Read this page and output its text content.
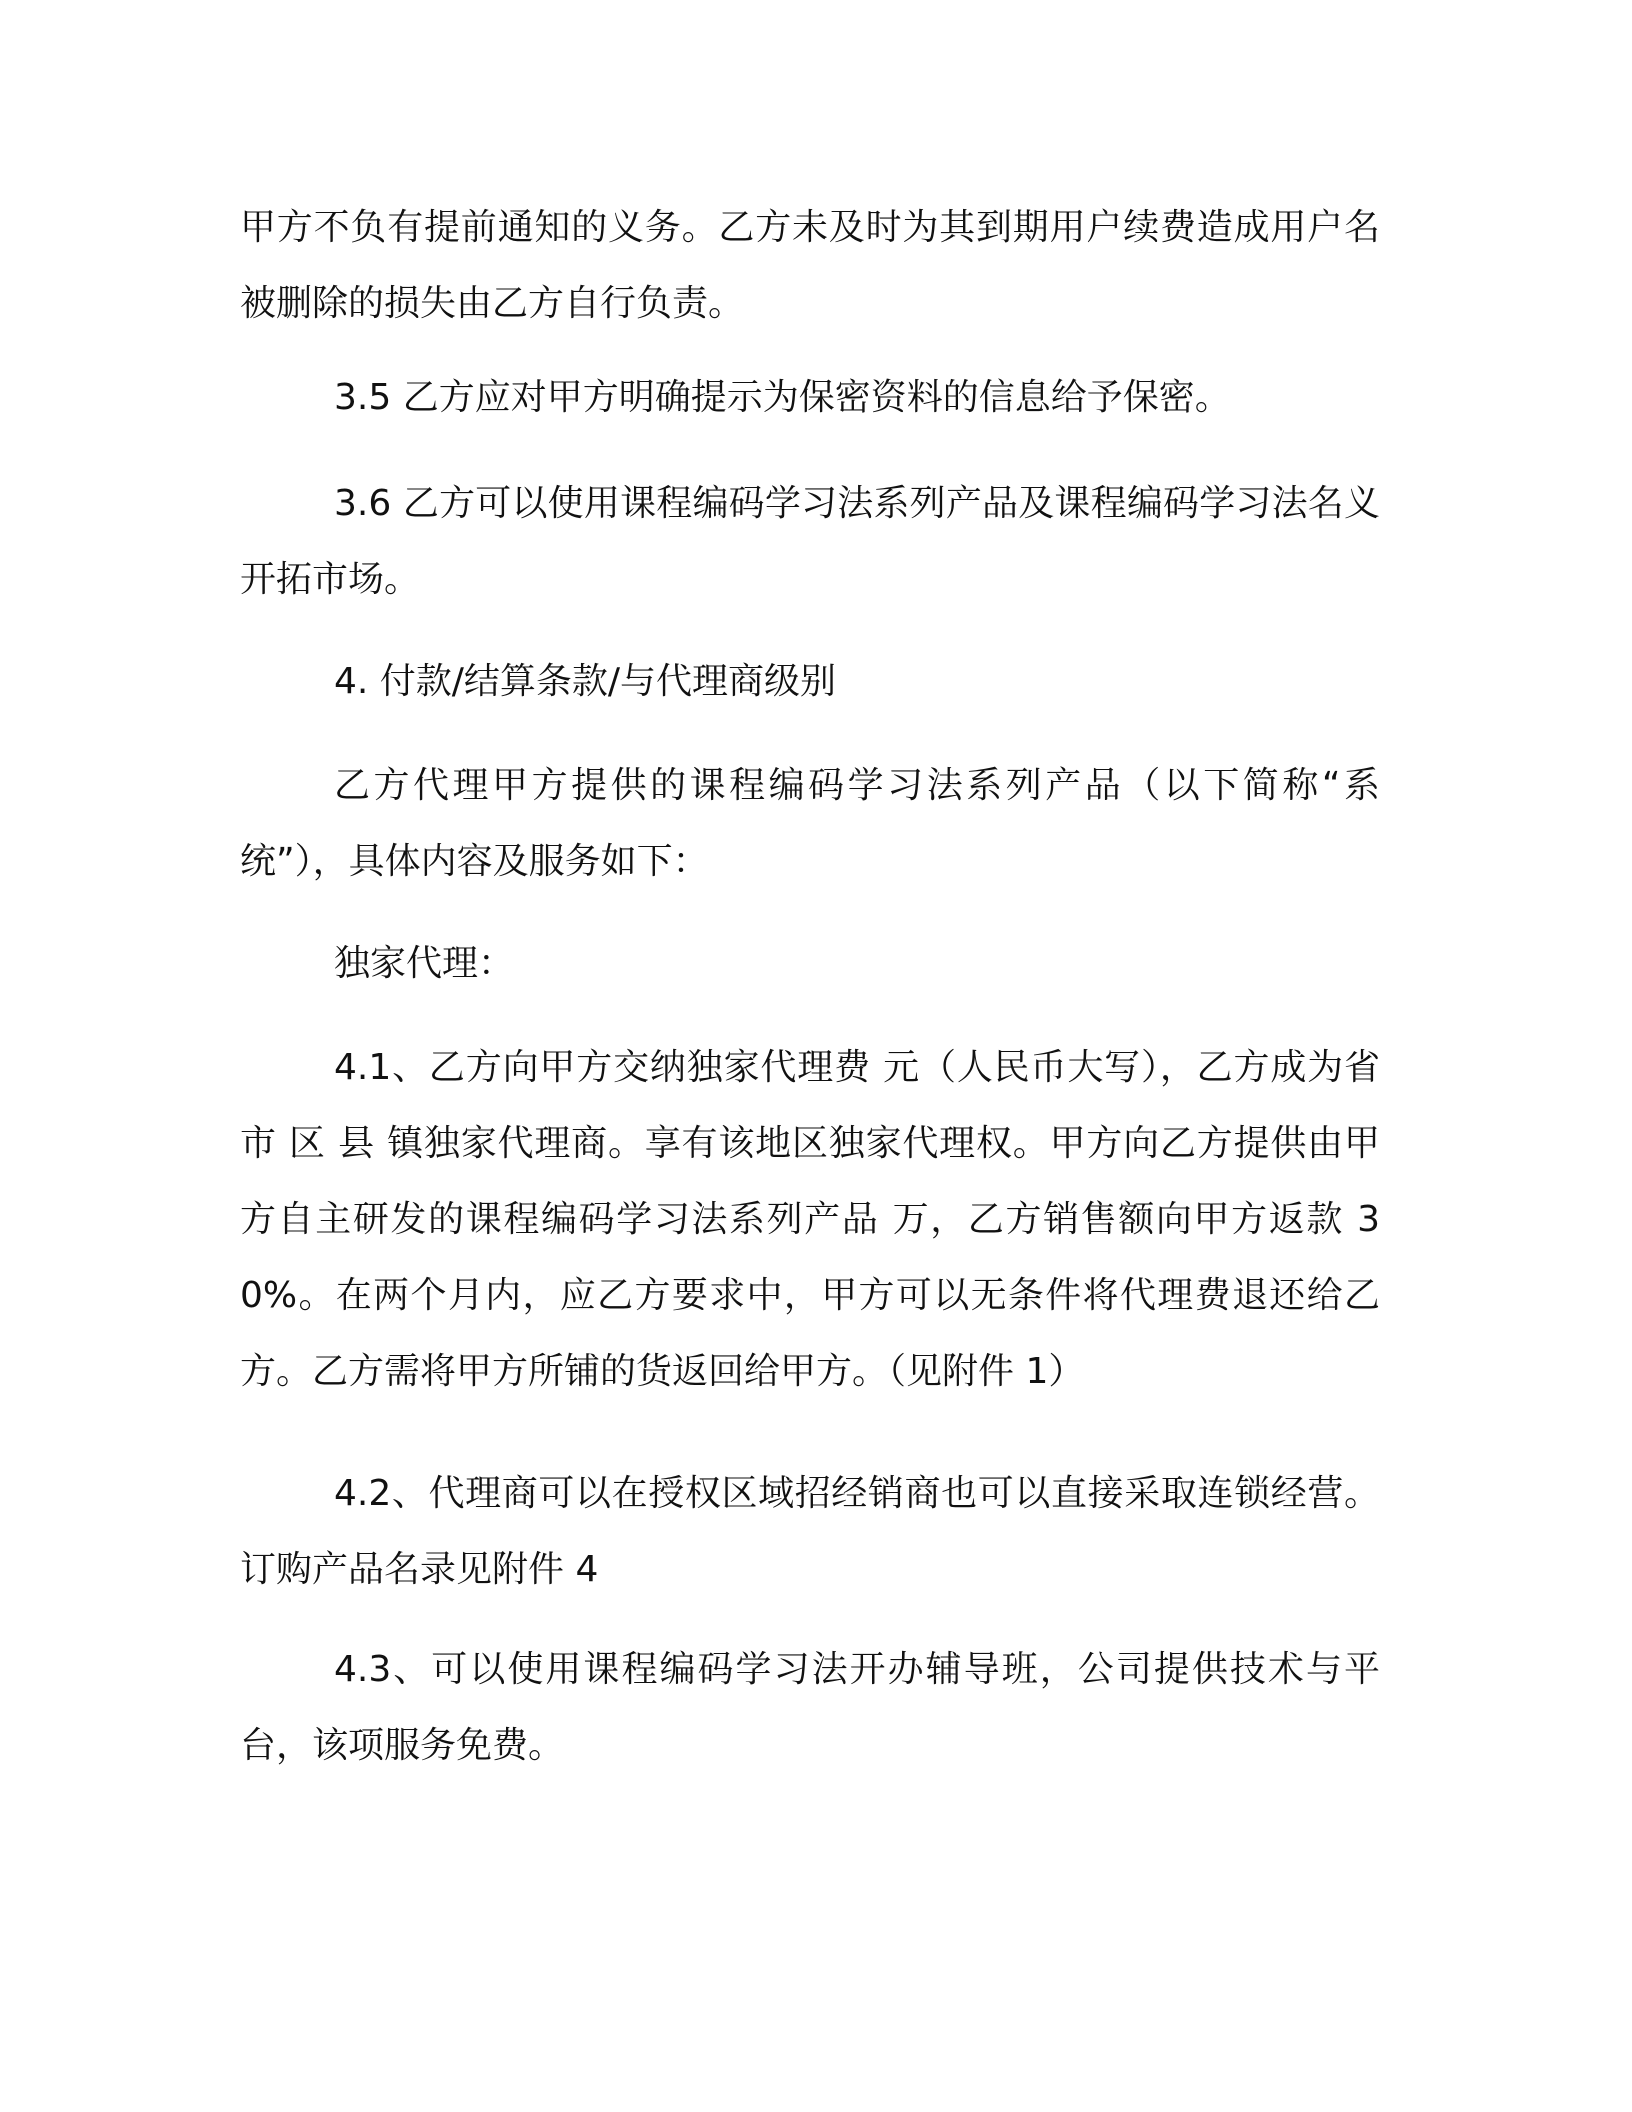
甲方不负有提前通知的义务。乙方未及时为其到期用户续费造成用户名被删除的损失由乙方自行负责。

3.5 乙方应对甲方明确提示为保密资料的信息给予保密。

3.6 乙方可以使用课程编码学习法系列产品及课程编码学习法名义开拓市场。

4. 付款/结算条款/与代理商级别

乙方代理甲方提供的课程编码学习法系列产品（以下简称“系统”），具体内容及服务如下：

独家代理：

4.1、乙方向甲方交纳独家代理费 元（人民币大写），乙方成为省 市 区 县 镇独家代理商。享有该地区独家代理权。甲方向乙方提供由甲方自主研发的课程编码学习法系列产品 万，乙方销售额向甲方返款 30%。在两个月内，应乙方要求中，甲方可以无条件将代理费退还给乙方。乙方需将甲方所铺的货返回给甲方。（见附件 1）

4.2、代理商可以在授权区域招经销商也可以直接采取连锁经营。订购产品名录见附件 4

4.3、可以使用课程编码学习法开办辅导班，公司提供技术与平台，该项服务免费。
